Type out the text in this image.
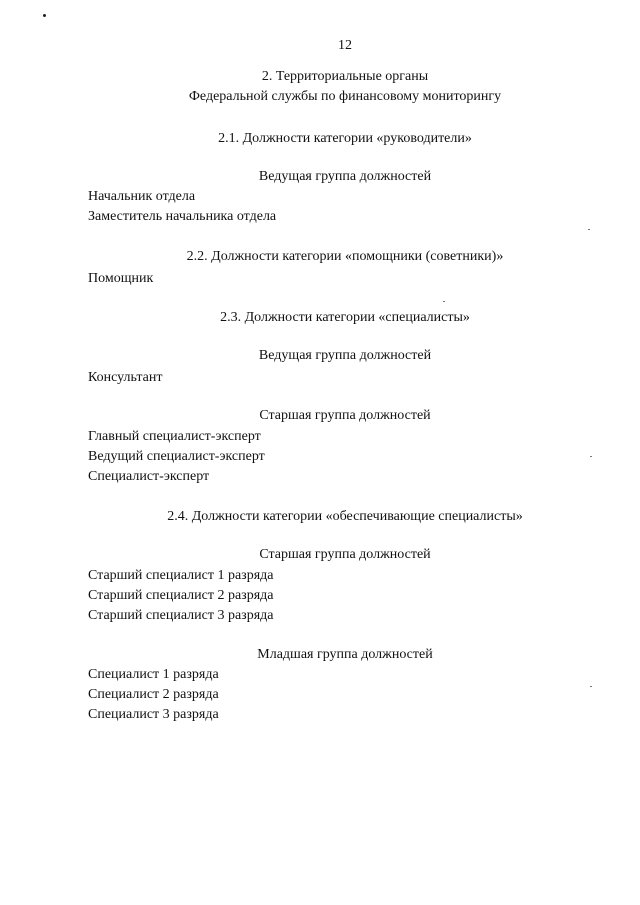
12
2. Территориальные органы
Федеральной службы по финансовому мониторингу
2.1. Должности категории «руководители»
Ведущая группа должностей
Начальник отдела
Заместитель начальника отдела
2.2. Должности категории «помощники (советники)»
Помощник
2.3. Должности категории «специалисты»
Ведущая группа должностей
Консультант
Старшая группа должностей
Главный специалист-эксперт
Ведущий специалист-эксперт
Специалист-эксперт
2.4. Должности категории «обеспечивающие специалисты»
Старшая группа должностей
Старший специалист 1 разряда
Старший специалист 2 разряда
Старший специалист 3 разряда
Младшая группа должностей
Специалист 1 разряда
Специалист 2 разряда
Специалист 3 разряда
